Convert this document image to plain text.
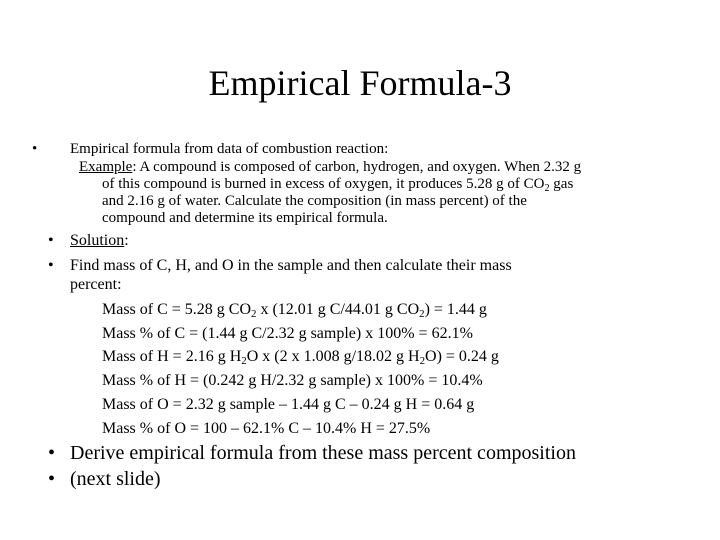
Empirical Formula-3
• Empirical formula from data of combustion reaction:
Example: A compound is composed of carbon, hydrogen, and oxygen. When 2.32 g
of this compound is burned in excess of oxygen, it produces 5.28 g of $CO_2$ gas
and 2.16 g of water. Calculate the composition (in mass percent) of the
compound and determine its empirical formula.
• Solution:
• Find mass of C, H, and O in the sample and then calculate their mass
percent:
Mass of C = 5.28 g $CO_2$ x (12.01 g C/44.01 g $CO_2) = 1.44$ g
Mass % of C = (1.44 g C/2.32 g sample) x 100% = 62.1%
Mass of H = 2.16 g $H_2O$ x (2 x 1.008 g/18.02 g $H_2O) = 0.24$ g
Mass % of H = (0.242 g H/2.32 g sample) x 100% = 10.4%
Mass of O = 2.32 g sample – 1.44 g C – 0.24 g H = 0.64 g
Mass % of O = 100 – 62.1% C – 10.4% H = 27.5%
• Derive empirical formula from these mass percent composition
• (next slide)
